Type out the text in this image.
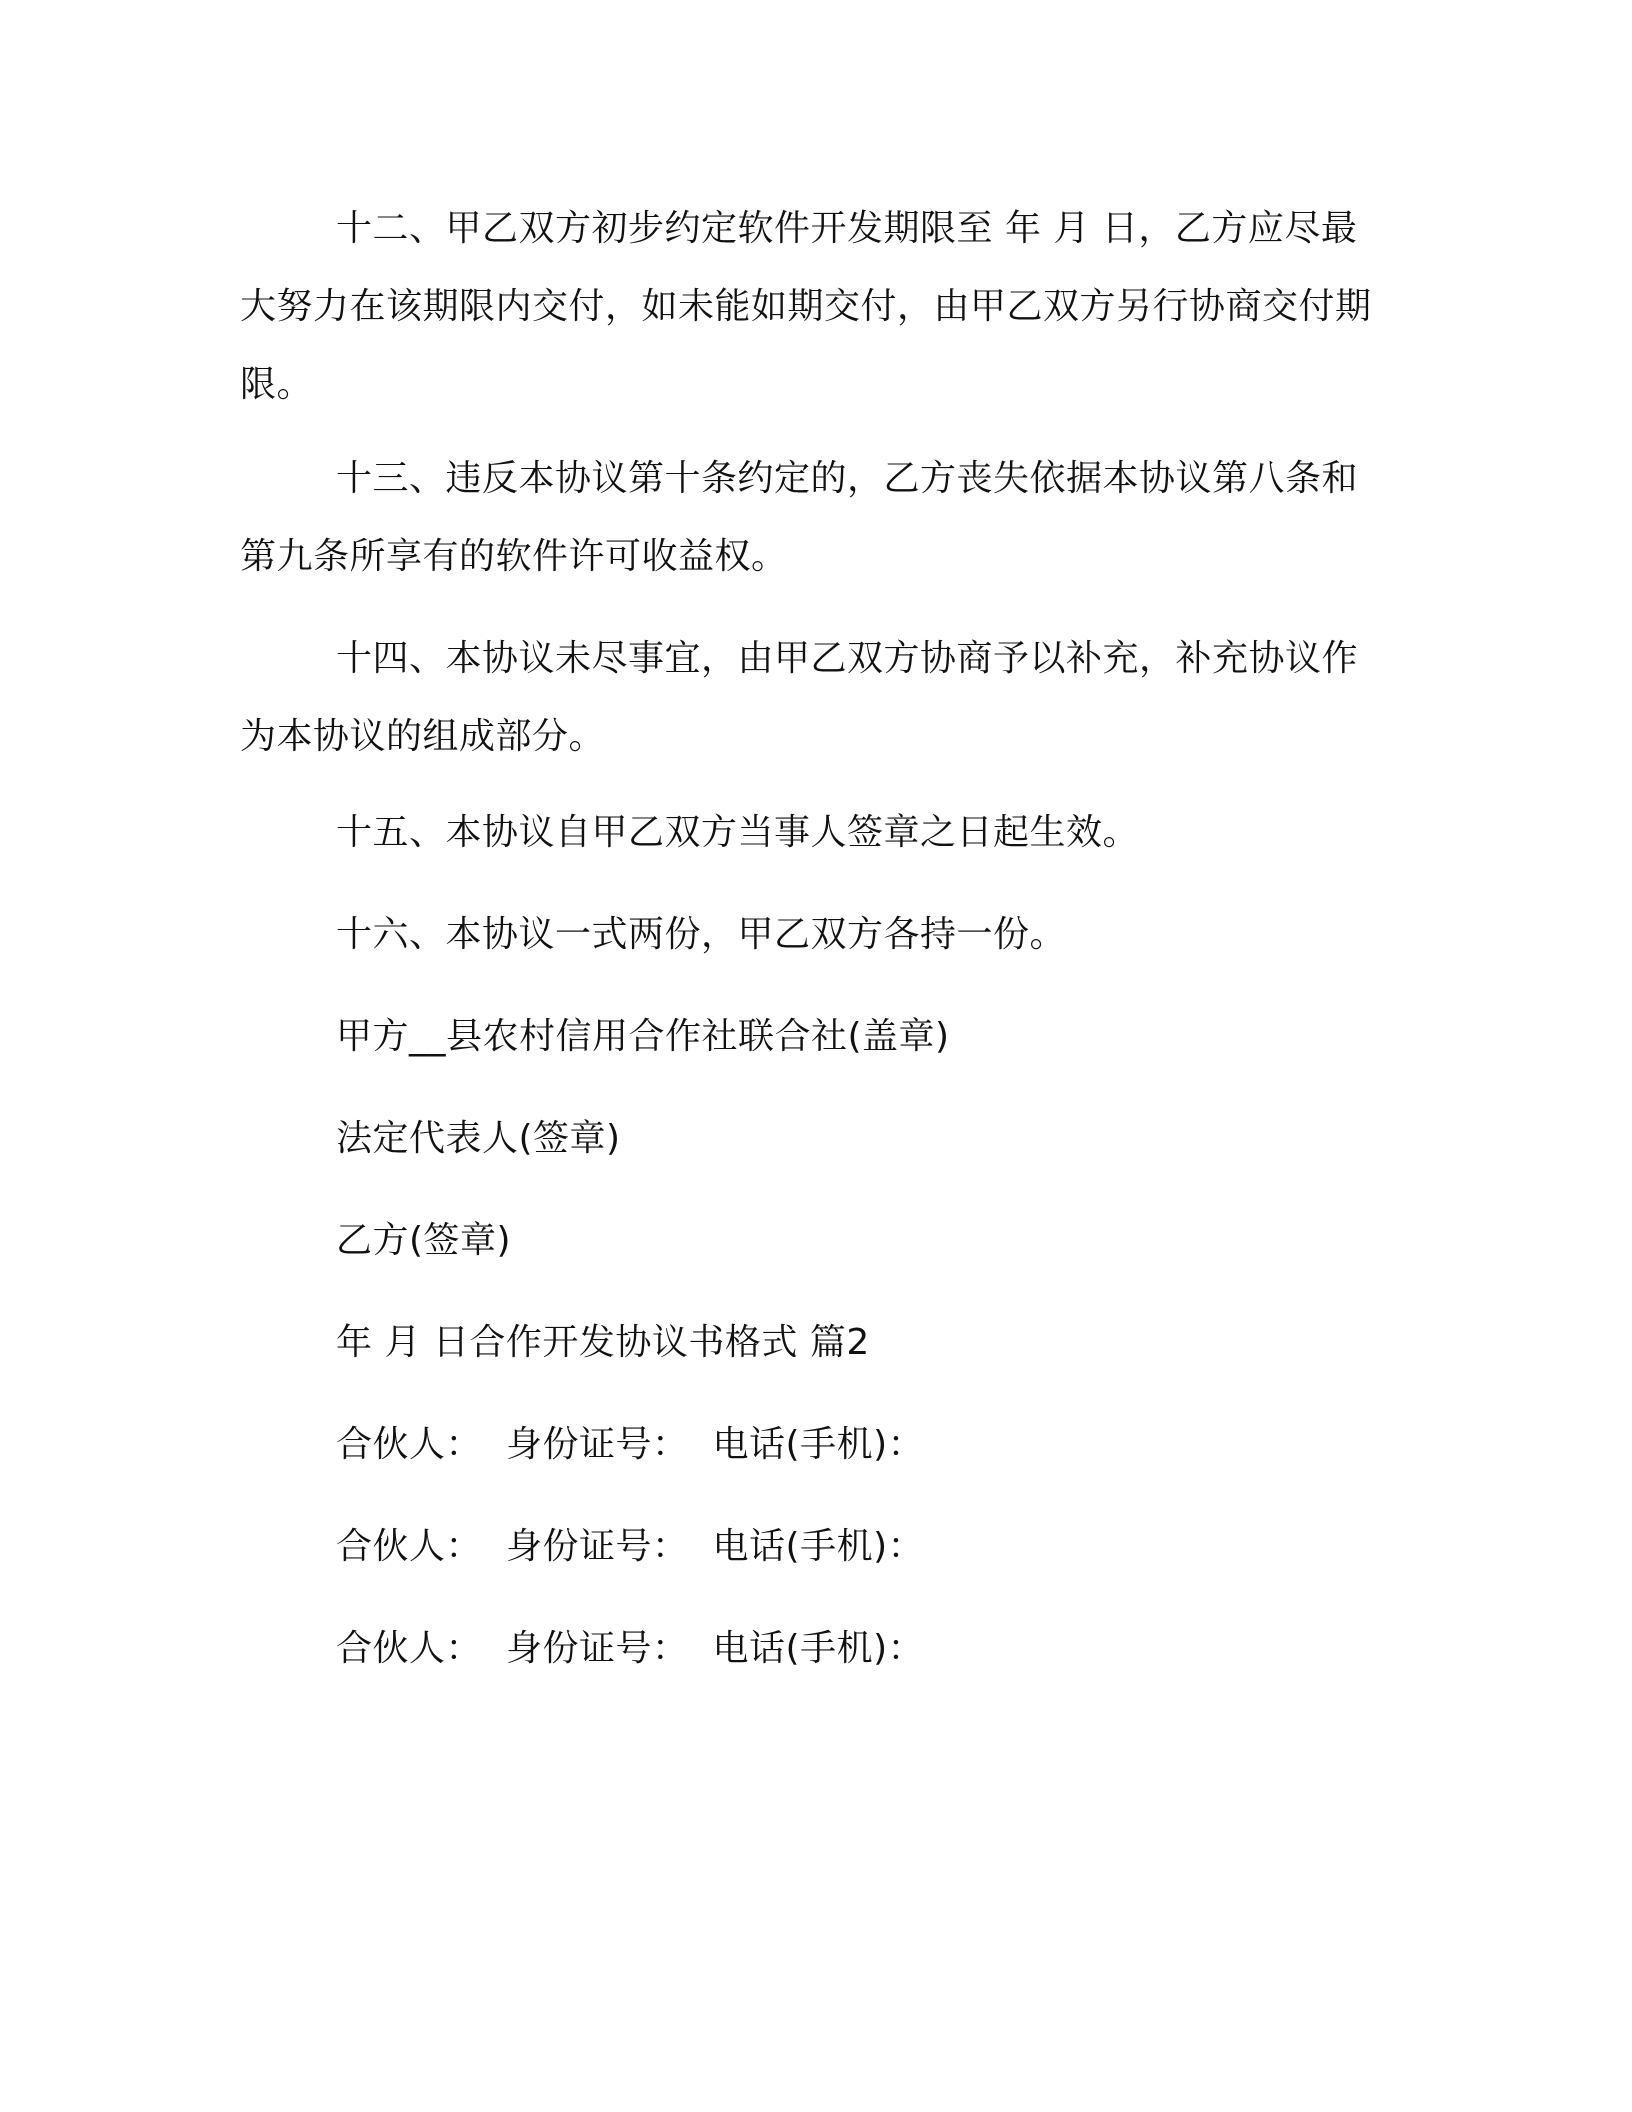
十二、甲乙双方初步约定软件开发期限至 年 月 日，乙方应尽最大努力在该期限内交付，如未能如期交付，由甲乙双方另行协商交付期限。

十三、违反本协议第十条约定的，乙方丧失依据本协议第八条和第九条所享有的软件许可收益权。

十四、本协议未尽事宜，由甲乙双方协商予以补充，补充协议作为本协议的组成部分。

十五、本协议自甲乙双方当事人签章之日起生效。

十六、本协议一式两份，甲乙双方各持一份。

甲方__县农村信用合作社联合社(盖章)

法定代表人(签章)

乙方(签章)

年 月 日合作开发协议书格式 篇2

合伙人： 身份证号： 电话(手机)：

合伙人： 身份证号： 电话(手机)：

合伙人： 身份证号： 电话(手机)：
